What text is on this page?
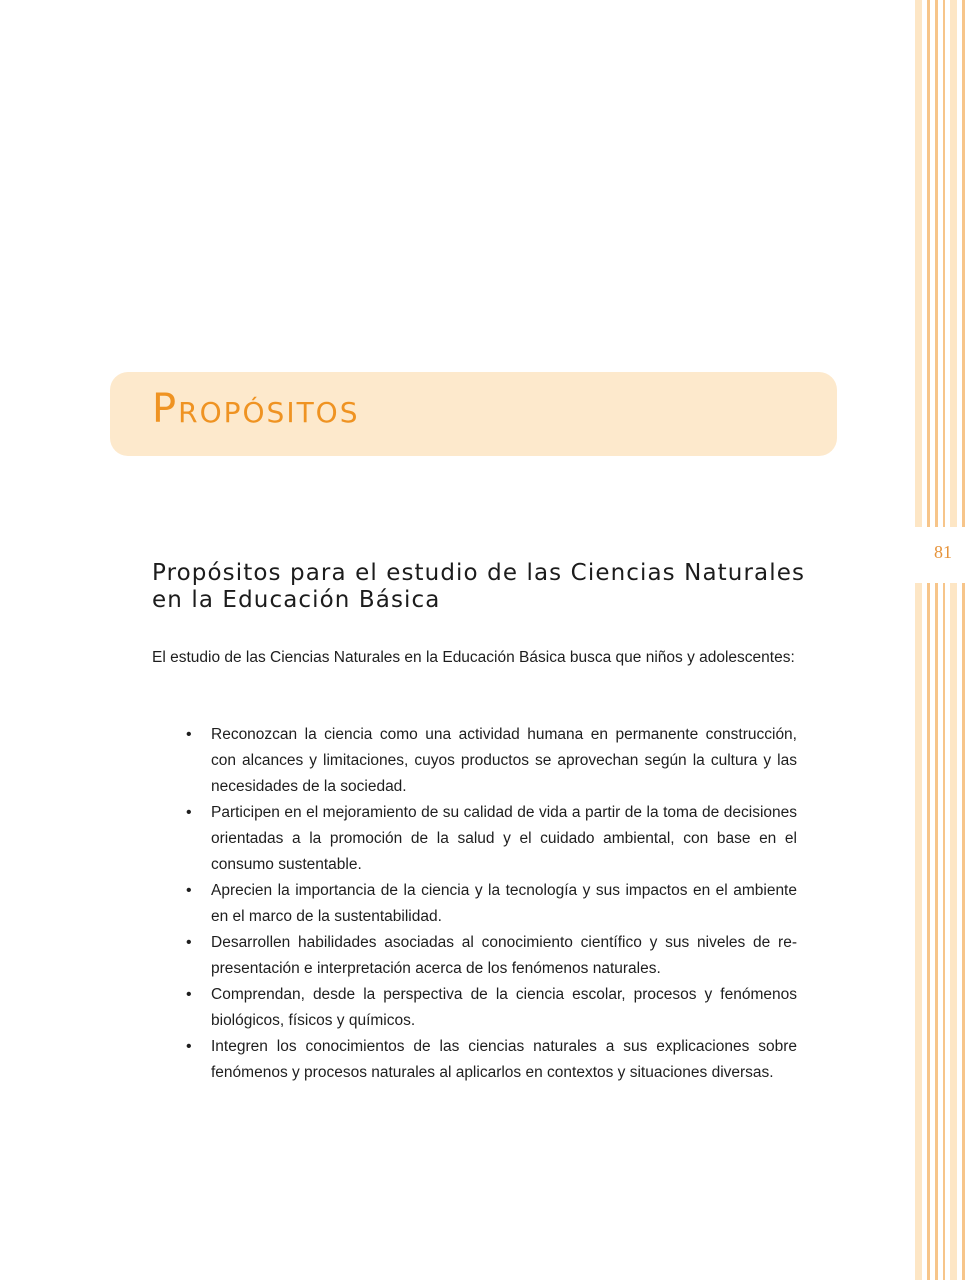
81
Propósitos
Propósitos para el estudio de las Ciencias Naturales en la Educación Básica

El estudio de las Ciencias Naturales en la Educación Básica busca que niños y adolescentes:

• Reconozcan la ciencia como una actividad humana en permanente construcción, con alcances y limitaciones, cuyos productos se aprovechan según la cultura y las necesidades de la sociedad.
• Participen en el mejoramiento de su calidad de vida a partir de la toma de decisiones orientadas a la promoción de la salud y el cuidado ambiental, con base en el consumo sustentable.
• Aprecien la importancia de la ciencia y la tecnología y sus impactos en el ambiente en el marco de la sustentabilidad.
• Desarrollen habilidades asociadas al conocimiento científico y sus niveles de representación e interpretación acerca de los fenómenos naturales.
• Comprendan, desde la perspectiva de la ciencia escolar, procesos y fenómenos biológicos, físicos y químicos.
• Integren los conocimientos de las ciencias naturales a sus explicaciones sobre fenómenos y procesos naturales al aplicarlos en contextos y situaciones diversas.
